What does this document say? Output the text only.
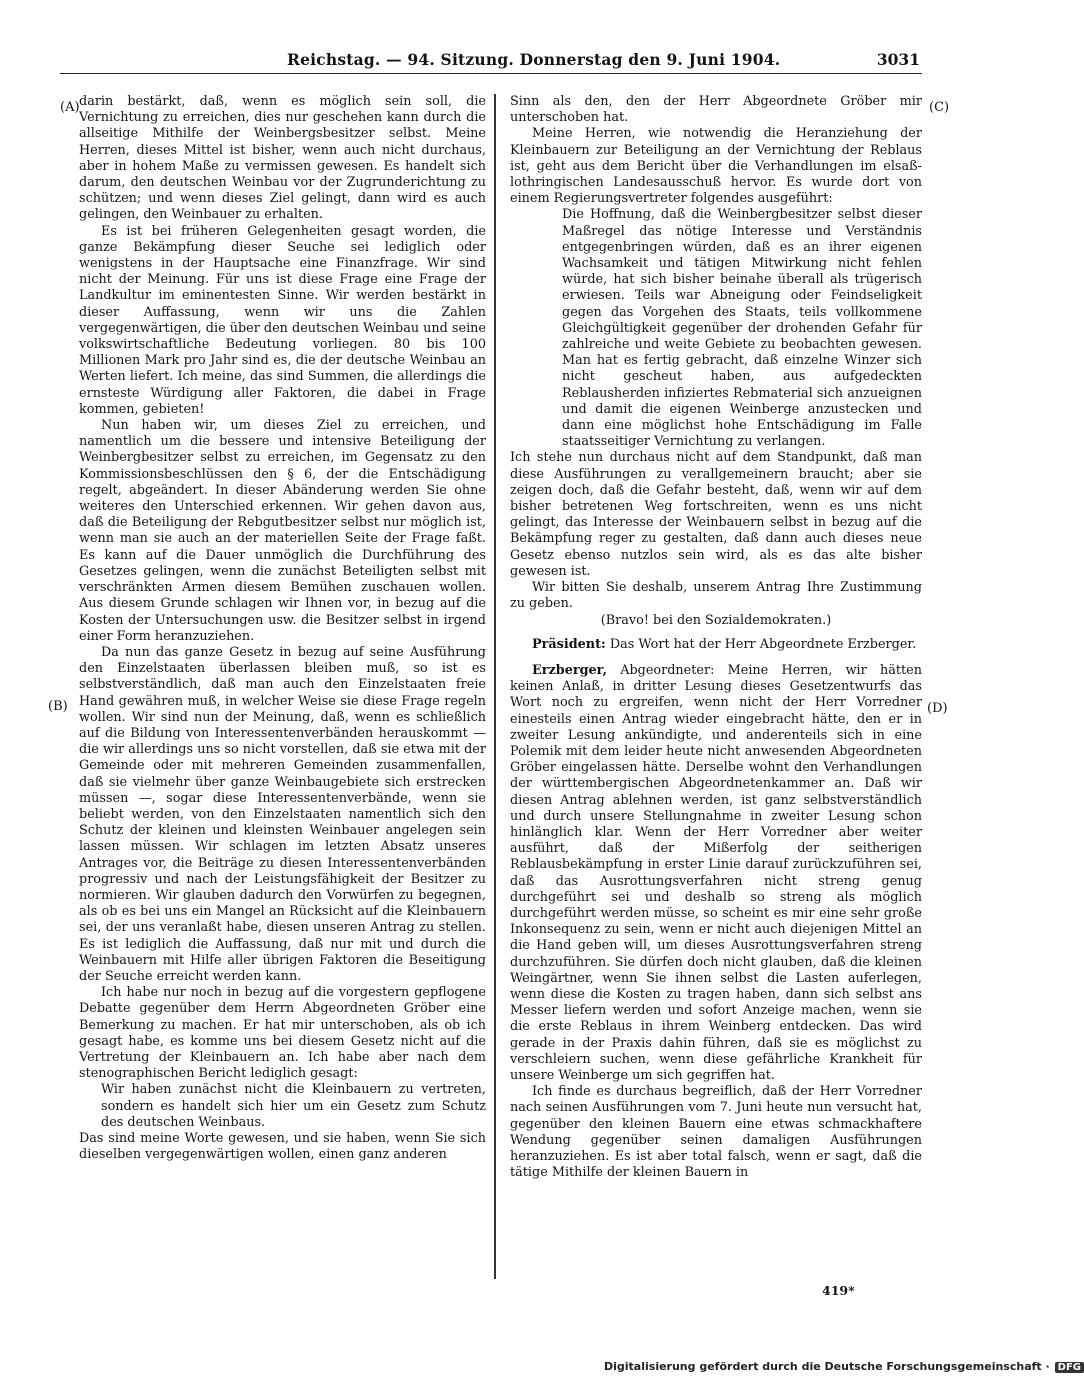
Reichstag. — 94. Sitzung. Donnerstag den 9. Juni 1904.	3031
(A)
(B)
(C)
(D)

darin bestärkt, daß, wenn es möglich sein soll, die Vernichtung zu erreichen, dies nur geschehen kann durch die allseitige Mithilfe der Weinbergsbesitzer selbst. Meine Herren, dieses Mittel ist bisher, wenn auch nicht durchaus, aber in hohem Maße zu vermissen gewesen. Es handelt sich darum, den deutschen Weinbau vor der Zugrunderichtung zu schützen; und wenn dieses Ziel gelingt, dann wird es auch gelingen, den Weinbauer zu erhalten.

Es ist bei früheren Gelegenheiten gesagt worden, die ganze Bekämpfung dieser Seuche sei lediglich oder wenigstens in der Hauptsache eine Finanzfrage. Wir sind nicht der Meinung. Für uns ist diese Frage eine Frage der Landkultur im eminentesten Sinne. Wir werden bestärkt in dieser Auffassung, wenn wir uns die Zahlen vergegenwärtigen, die über den deutschen Weinbau und seine volkswirtschaftliche Bedeutung vorliegen. 80 bis 100 Millionen Mark pro Jahr sind es, die der deutsche Weinbau an Werten liefert. Ich meine, das sind Summen, die allerdings die ernsteste Würdigung aller Faktoren, die dabei in Frage kommen, gebieten!

Nun haben wir, um dieses Ziel zu erreichen, und namentlich um die bessere und intensive Beteiligung der Weinbergbesitzer selbst zu erreichen, im Gegensatz zu den Kommissionsbeschlüssen den § 6, der die Entschädigung regelt, abgeändert. In dieser Abänderung werden Sie ohne weiteres den Unterschied erkennen. Wir gehen davon aus, daß die Beteiligung der Rebgutbesitzer selbst nur möglich ist, wenn man sie auch an der materiellen Seite der Frage faßt. Es kann auf die Dauer unmöglich die Durchführung des Gesetzes gelingen, wenn die zunächst Beteiligten selbst mit verschränkten Armen diesem Bemühen zuschauen wollen. Aus diesem Grunde schlagen wir Ihnen vor, in bezug auf die Kosten der Untersuchungen usw. die Besitzer selbst in irgend einer Form heranzuziehen.

Da nun das ganze Gesetz in bezug auf seine Ausführung den Einzelstaaten überlassen bleiben muß, so ist es selbstverständlich, daß man auch den Einzelstaaten freie Hand gewähren muß, in welcher Weise sie diese Frage regeln wollen. Wir sind nun der Meinung, daß, wenn es schließlich auf die Bildung von Interessentenverbänden herauskommt — die wir allerdings uns so nicht vorstellen, daß sie etwa mit der Gemeinde oder mit mehreren Gemeinden zusammenfallen, daß sie vielmehr über ganze Weinbaugebiete sich erstrecken müssen —, sogar diese Interessentenverbände, wenn sie beliebt werden, von den Einzelstaaten namentlich sich den Schutz der kleinen und kleinsten Weinbauer angelegen sein lassen müssen. Wir schlagen im letzten Absatz unseres Antrages vor, die Beiträge zu diesen Interessentenverbänden progressiv und nach der Leistungsfähigkeit der Besitzer zu normieren. Wir glauben dadurch den Vorwürfen zu begegnen, als ob es bei uns ein Mangel an Rücksicht auf die Kleinbauern sei, der uns veranlaßt habe, diesen unseren Antrag zu stellen. Es ist lediglich die Auffassung, daß nur mit und durch die Weinbauern mit Hilfe aller übrigen Faktoren die Beseitigung der Seuche erreicht werden kann.

Ich habe nur noch in bezug auf die vorgestern gepflogene Debatte gegenüber dem Herrn Abgeordneten Gröber eine Bemerkung zu machen. Er hat mir unterschoben, als ob ich gesagt habe, es komme uns bei diesem Gesetz nicht auf die Vertretung der Kleinbauern an. Ich habe aber nach dem stenographischen Bericht lediglich gesagt:

Wir haben zunächst nicht die Kleinbauern zu vertreten, sondern es handelt sich hier um ein Gesetz zum Schutz des deutschen Weinbaus.

Das sind meine Worte gewesen, und sie haben, wenn Sie sich dieselben vergegenwärtigen wollen, einen ganz anderen

Sinn als den, den der Herr Abgeordnete Gröber mir unterschoben hat.

Meine Herren, wie notwendig die Heranziehung der Kleinbauern zur Beteiligung an der Vernichtung der Reblaus ist, geht aus dem Bericht über die Verhandlungen im elsaß-lothringischen Landesausschuß hervor. Es wurde dort von einem Regierungsvertreter folgendes ausgeführt:

Die Hoffnung, daß die Weinbergbesitzer selbst dieser Maßregel das nötige Interesse und Verständnis entgegenbringen würden, daß es an ihrer eigenen Wachsamkeit und tätigen Mitwirkung nicht fehlen würde, hat sich bisher beinahe überall als trügerisch erwiesen. Teils war Abneigung oder Feindseligkeit gegen das Vorgehen des Staats, teils vollkommene Gleichgültigkeit gegenüber der drohenden Gefahr für zahlreiche und weite Gebiete zu beobachten gewesen. Man hat es fertig gebracht, daß einzelne Winzer sich nicht gescheut haben, aus aufgedeckten Reblausherden infiziertes Rebmaterial sich anzueignen und damit die eigenen Weinberge anzustecken und dann eine möglichst hohe Entschädigung im Falle staatsseitiger Vernichtung zu verlangen.

Ich stehe nun durchaus nicht auf dem Standpunkt, daß man diese Ausführungen zu verallgemeinern braucht; aber sie zeigen doch, daß die Gefahr besteht, daß, wenn wir auf dem bisher betretenen Weg fortschreiten, wenn es uns nicht gelingt, das Interesse der Weinbauern selbst in bezug auf die Bekämpfung reger zu gestalten, daß dann auch dieses neue Gesetz ebenso nutzlos sein wird, als es das alte bisher gewesen ist.

Wir bitten Sie deshalb, unserem Antrag Ihre Zustimmung zu geben.

(Bravo! bei den Sozialdemokraten.)

Präsident: Das Wort hat der Herr Abgeordnete Erzberger.

Erzberger, Abgeordneter: Meine Herren, wir hätten keinen Anlaß, in dritter Lesung dieses Gesetzentwurfs das Wort noch zu ergreifen, wenn nicht der Herr Vorredner einesteils einen Antrag wieder eingebracht hätte, den er in zweiter Lesung ankündigte, und anderenteils sich in eine Polemik mit dem leider heute nicht anwesenden Abgeordneten Gröber eingelassen hätte. Derselbe wohnt den Verhandlungen der württembergischen Abgeordnetenkammer an. Daß wir diesen Antrag ablehnen werden, ist ganz selbstverständlich und durch unsere Stellungnahme in zweiter Lesung schon hinlänglich klar. Wenn der Herr Vorredner aber weiter ausführt, daß der Mißerfolg der seitherigen Reblausbekämpfung in erster Linie darauf zurückzuführen sei, daß das Ausrottungsverfahren nicht streng genug durchgeführt sei und deshalb so streng als möglich durchgeführt werden müsse, so scheint es mir eine sehr große Inkonsequenz zu sein, wenn er nicht auch diejenigen Mittel an die Hand geben will, um dieses Ausrottungsverfahren streng durchzuführen. Sie dürfen doch nicht glauben, daß die kleinen Weingärtner, wenn Sie ihnen selbst die Lasten auferlegen, wenn diese die Kosten zu tragen haben, dann sich selbst ans Messer liefern werden und sofort Anzeige machen, wenn sie die erste Reblaus in ihrem Weinberg entdecken. Das wird gerade in der Praxis dahin führen, daß sie es möglichst zu verschleiern suchen, wenn diese gefährliche Krankheit für unsere Weinberge um sich gegriffen hat.

Ich finde es durchaus begreiflich, daß der Herr Vorredner nach seinen Ausführungen vom 7. Juni heute nun versucht hat, gegenüber den kleinen Bauern eine etwas schmackhaftere Wendung gegenüber seinen damaligen Ausführungen heranzuziehen. Es ist aber total falsch, wenn er sagt, daß die tätige Mithilfe der kleinen Bauern in

419*
Digitalisierung gefördert durch die Deutsche Forschungsgemeinschaft · DFG
